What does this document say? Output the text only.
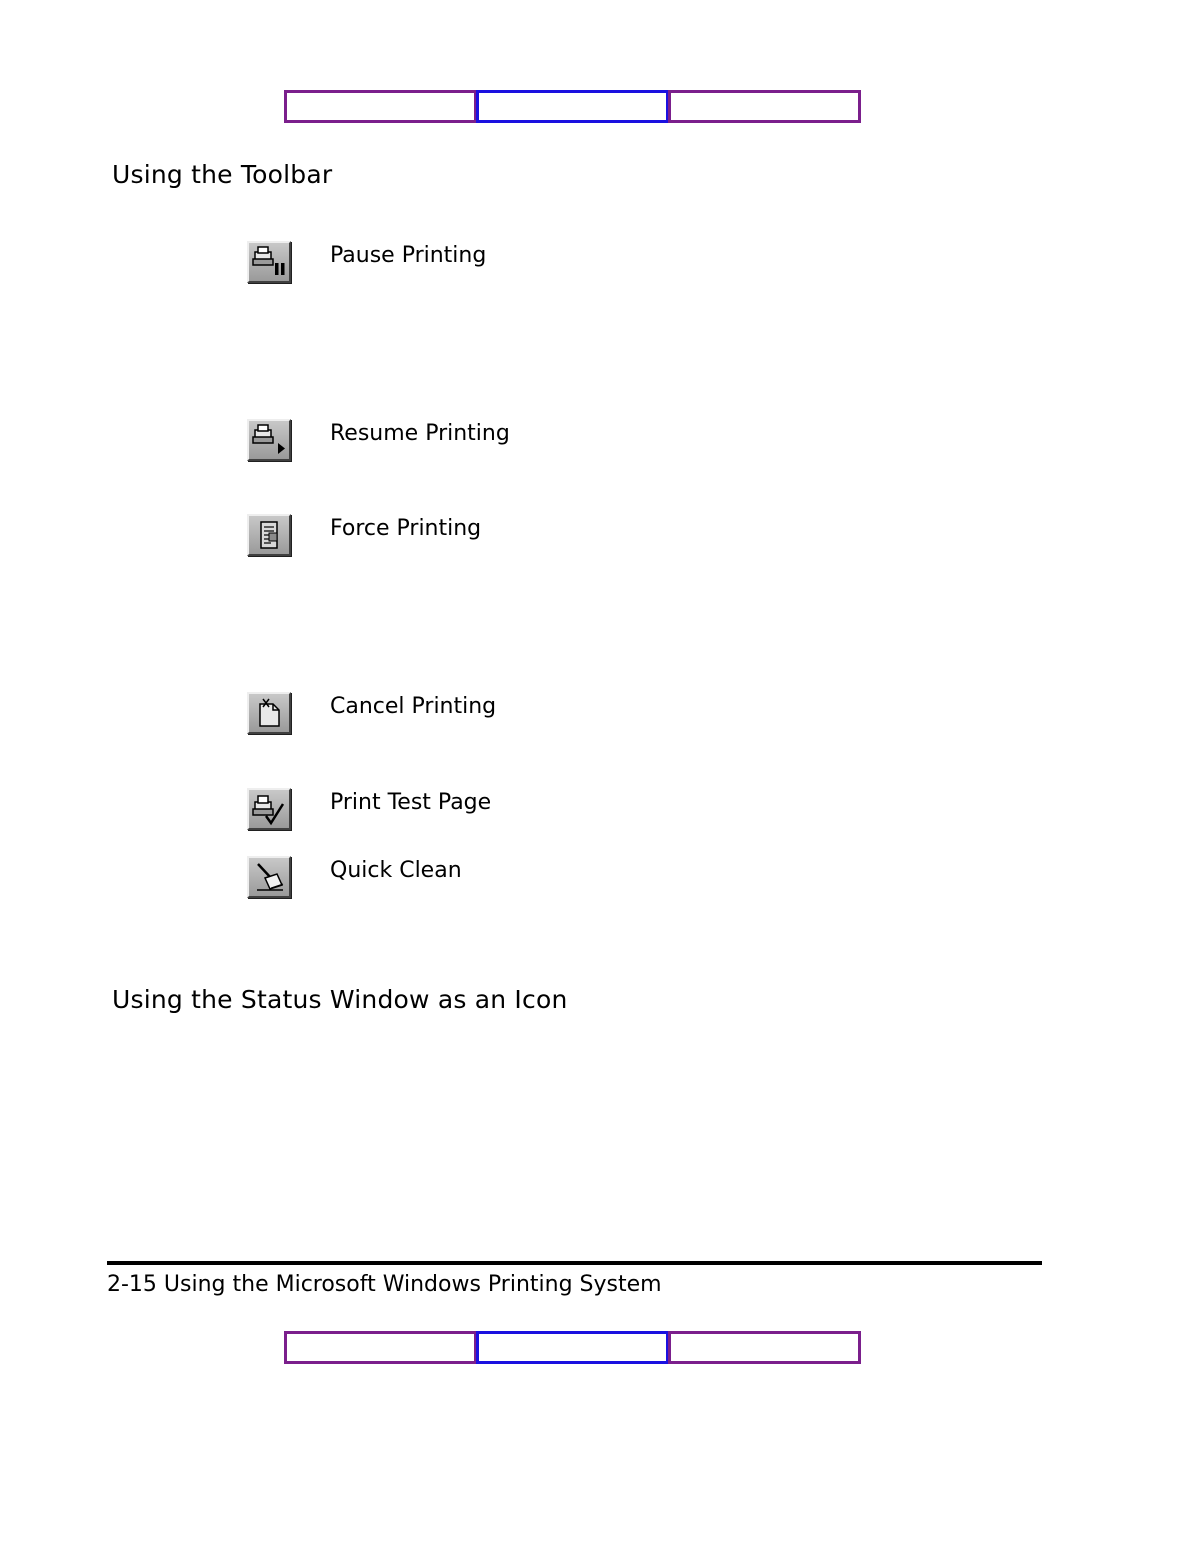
Using the Toolbar
Pause Printing
Resume Printing
Force Printing
Cancel Printing
Print Test Page
Quick Clean
Using the Status Window as an Icon
2-15 Using the Microsoft Windows Printing System
